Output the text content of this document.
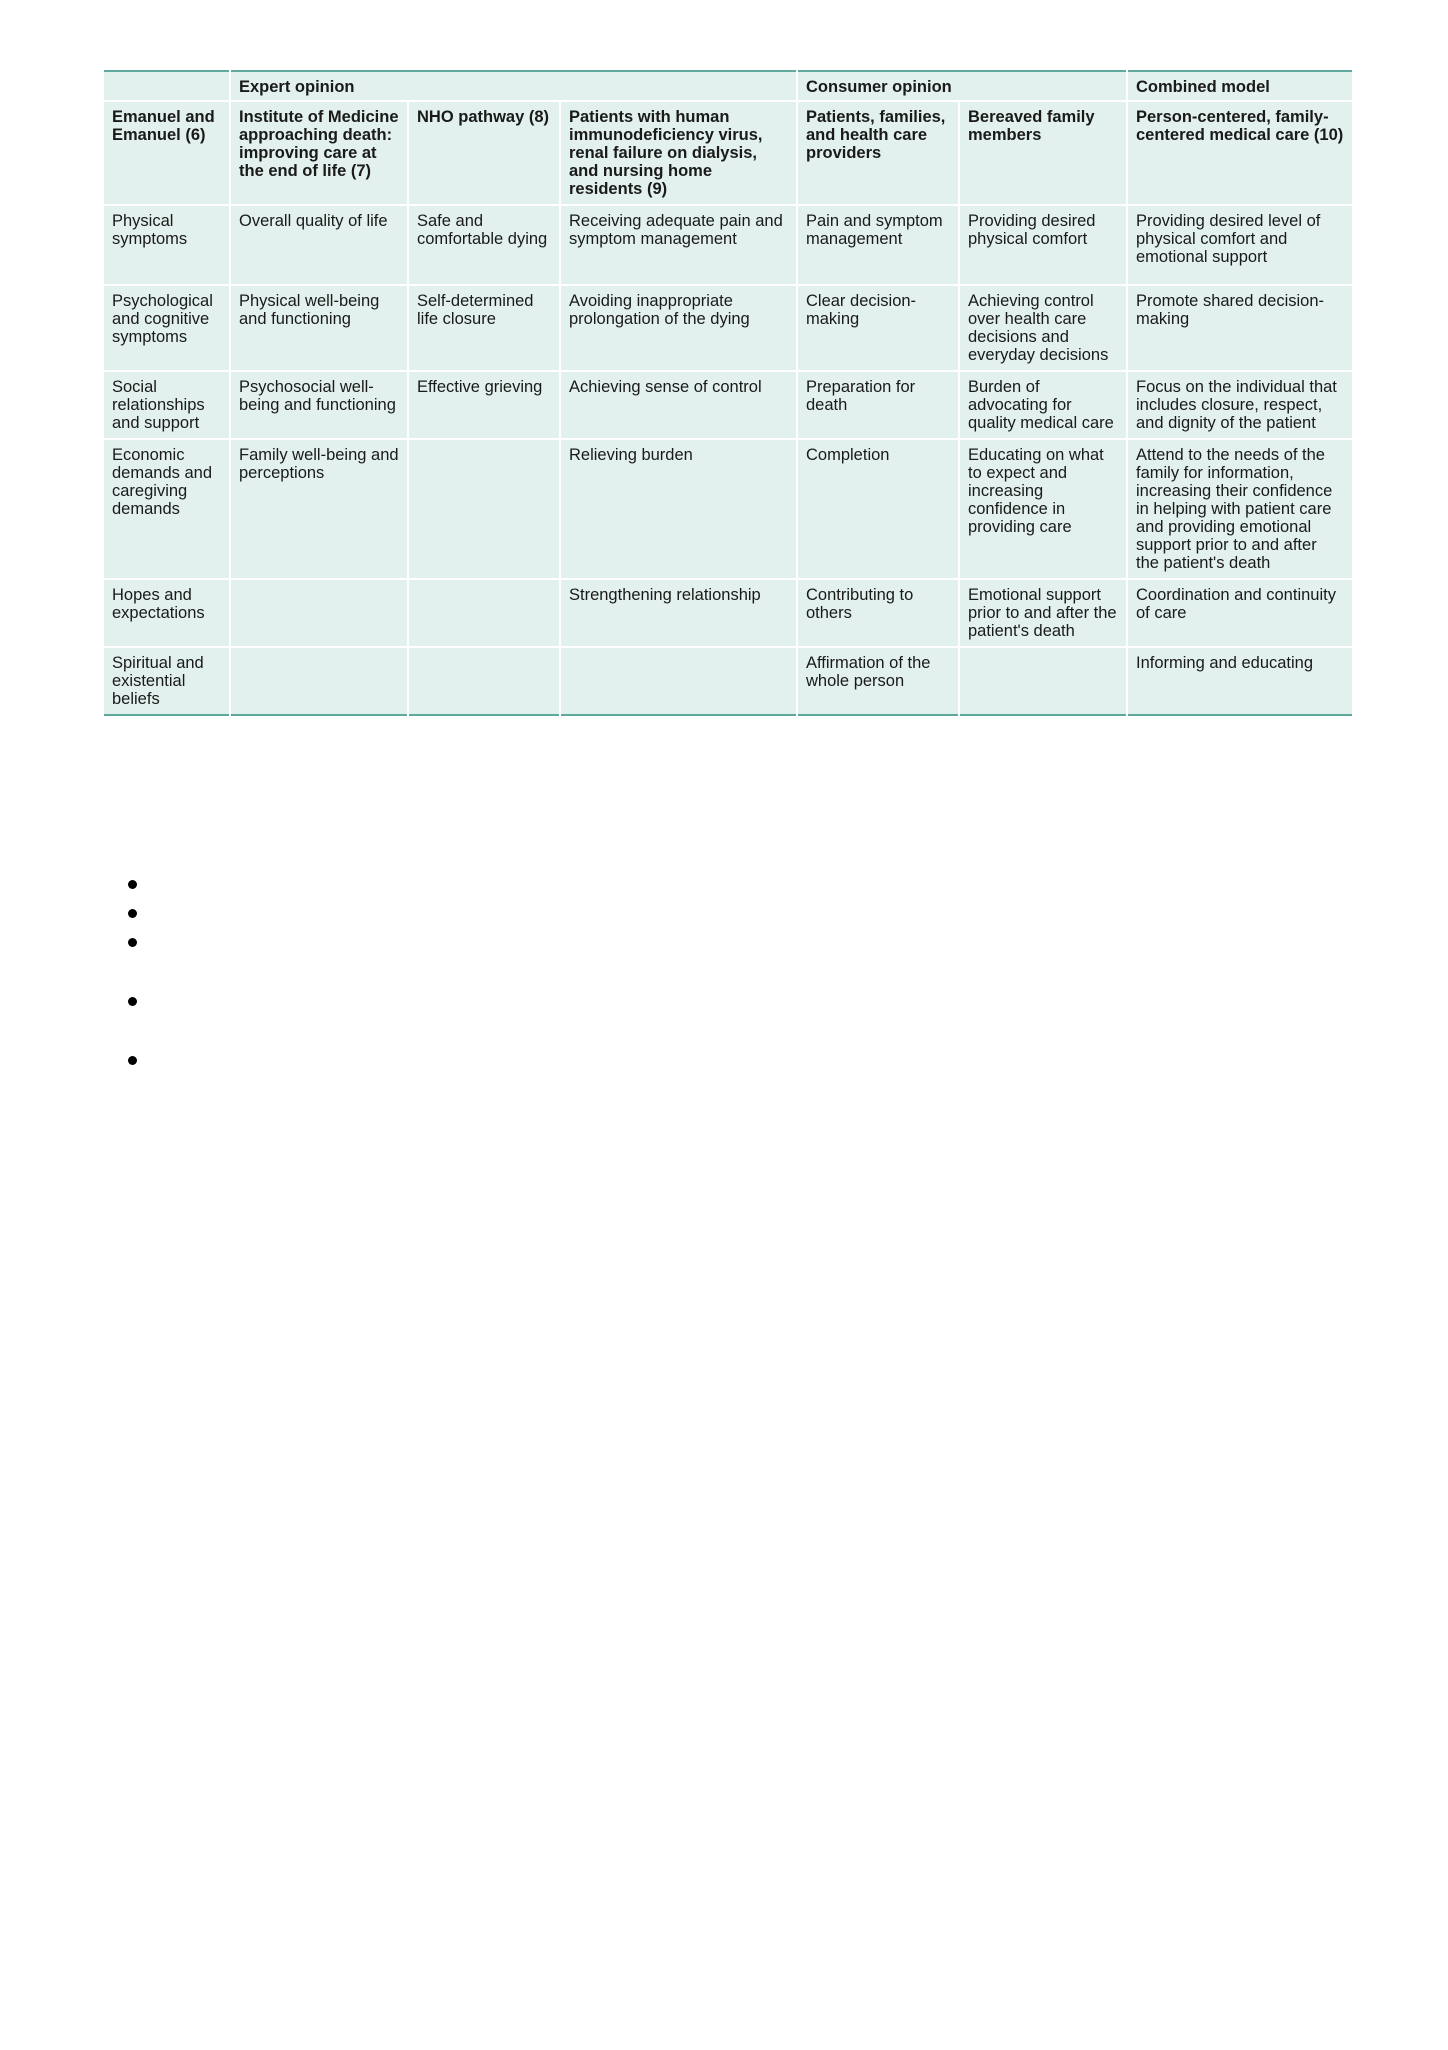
	Expert opinion			Consumer opinion		Combined model
Emanuel and Emanuel (6)	Institute of Medicine approaching death: improving care at the end of life (7)	NHO pathway (8)	Patients with human immunodeficiency virus, renal failure on dialysis, and nursing home residents (9)	Patients, families, and health care providers	Bereaved family members	Person-centered, family-centered medical care (10)
Physical symptoms	Overall quality of life	Safe and comfortable dying	Receiving adequate pain and symptom management	Pain and symptom management	Providing desired physical comfort	Providing desired level of physical comfort and emotional support
Psychological and cognitive symptoms	Physical well-being and functioning	Self-determined life closure	Avoiding inappropriate prolongation of the dying	Clear decision-making	Achieving control over health care decisions and everyday decisions	Promote shared decision-making
Social relationships and support	Psychosocial well-being and functioning	Effective grieving	Achieving sense of control	Preparation for death	Burden of advocating for quality medical care	Focus on the individual that includes closure, respect, and dignity of the patient
Economic demands and caregiving demands	Family well-being and perceptions		Relieving burden	Completion	Educating on what to expect and increasing confidence in providing care	Attend to the needs of the family for information, increasing their confidence in helping with patient care and providing emotional support prior to and after the patient's death
Hopes and expectations			Strengthening relationship	Contributing to others	Emotional support prior to and after the patient's death	Coordination and continuity of care
Spiritual and existential beliefs				Affirmation of the whole person		Informing and educating
